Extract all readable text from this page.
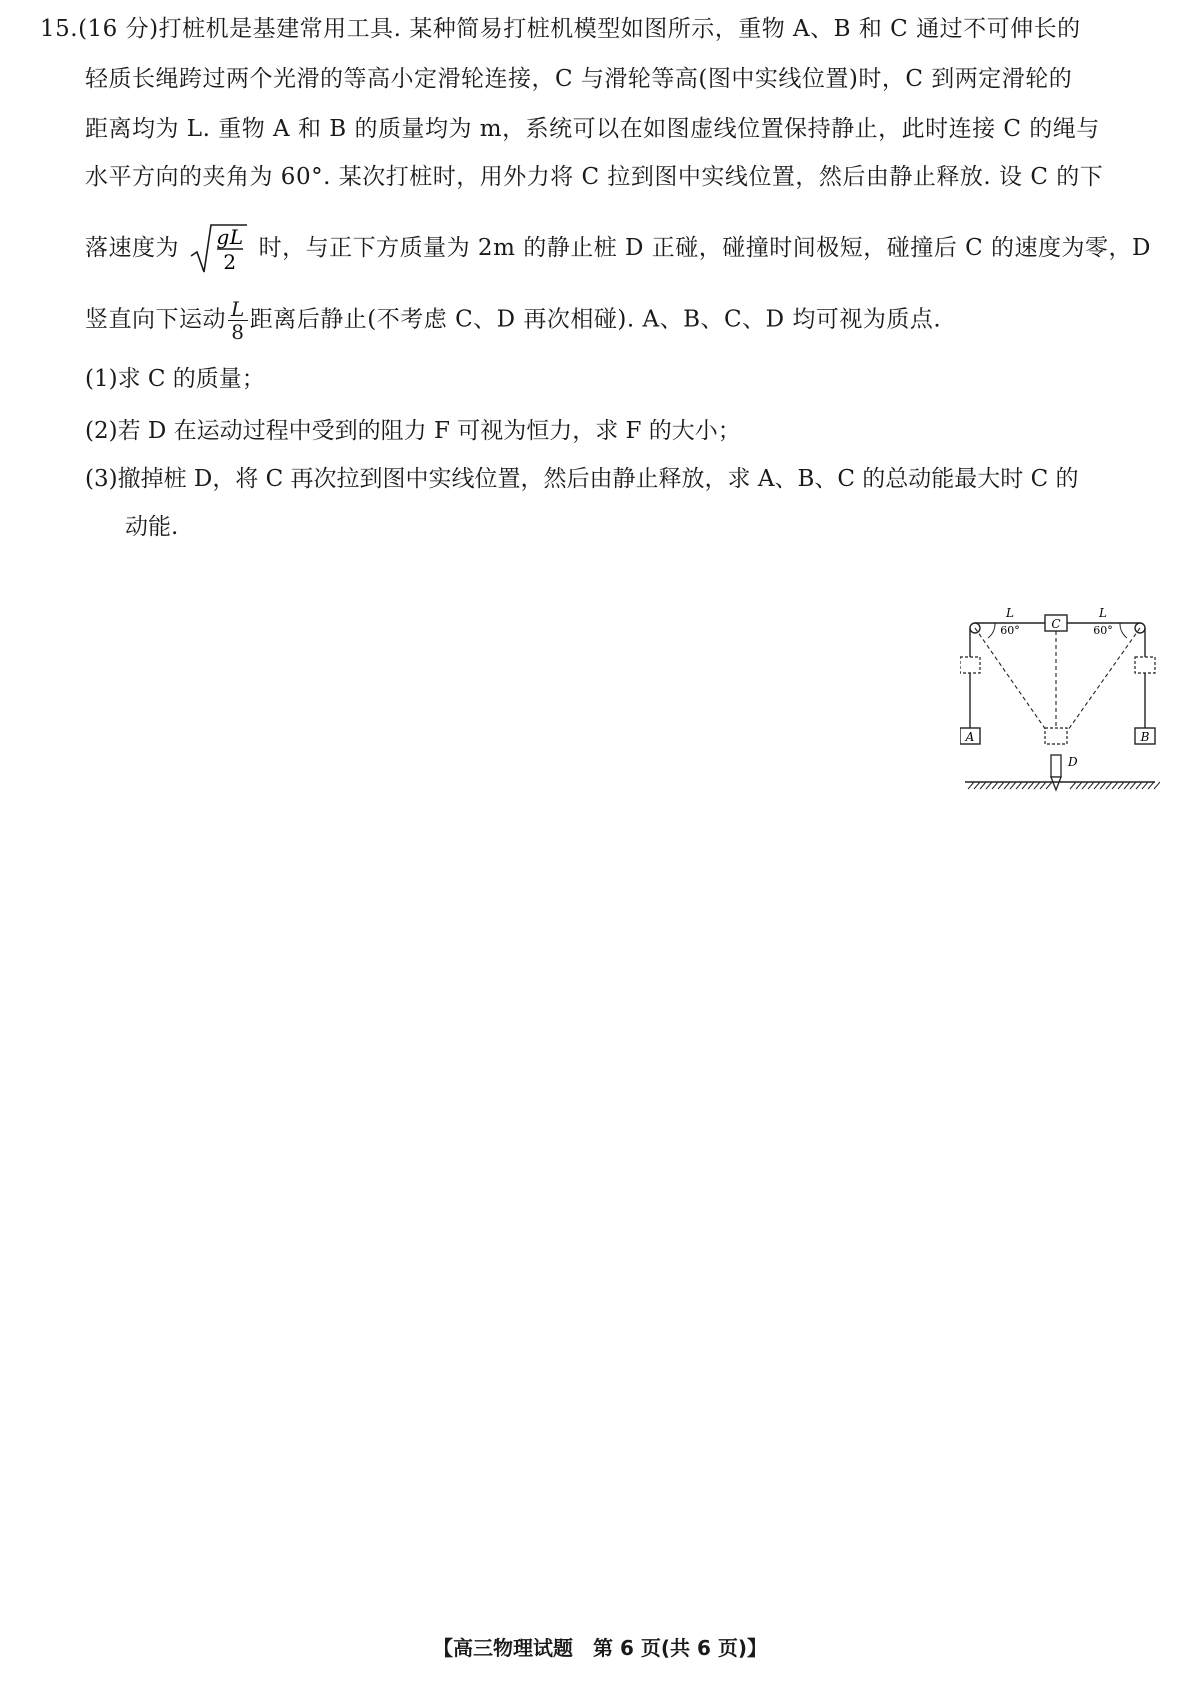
15.(16 分)打桩机是基建常用工具. 某种简易打桩机模型如图所示，重物 A、B 和 C 通过不可伸长的
轻质长绳跨过两个光滑的等高小定滑轮连接，C 与滑轮等高(图中实线位置)时，C 到两定滑轮的
距离均为 L. 重物 A 和 B 的质量均为 m，系统可以在如图虚线位置保持静止，此时连接 C 的绳与
水平方向的夹角为 60°. 某次打桩时，用外力将 C 拉到图中实线位置，然后由静止释放. 设 C 的下
落速度为 gL
2
时，与正下方质量为 2m 的静止桩 D 正碰，碰撞时间极短，碰撞后 C 的速度为零，D
竖直向下运动 $\frac{L}{8}$ 距离后静止(不考虑 C、D 再次相碰). A、B、C、D 均可视为质点.
(1)求 C 的质量；
(2)若 D 在运动过程中受到的阻力 F 可视为恒力，求 F 的大小；
(3)撤掉桩 D，将 C 再次拉到图中实线位置，然后由静止释放，求 A、B、C 的总动能最大时 C 的
动能.
C
L	L
60°	60°
A	B
D
【高三物理试题　第 6 页(共 6 页)】
